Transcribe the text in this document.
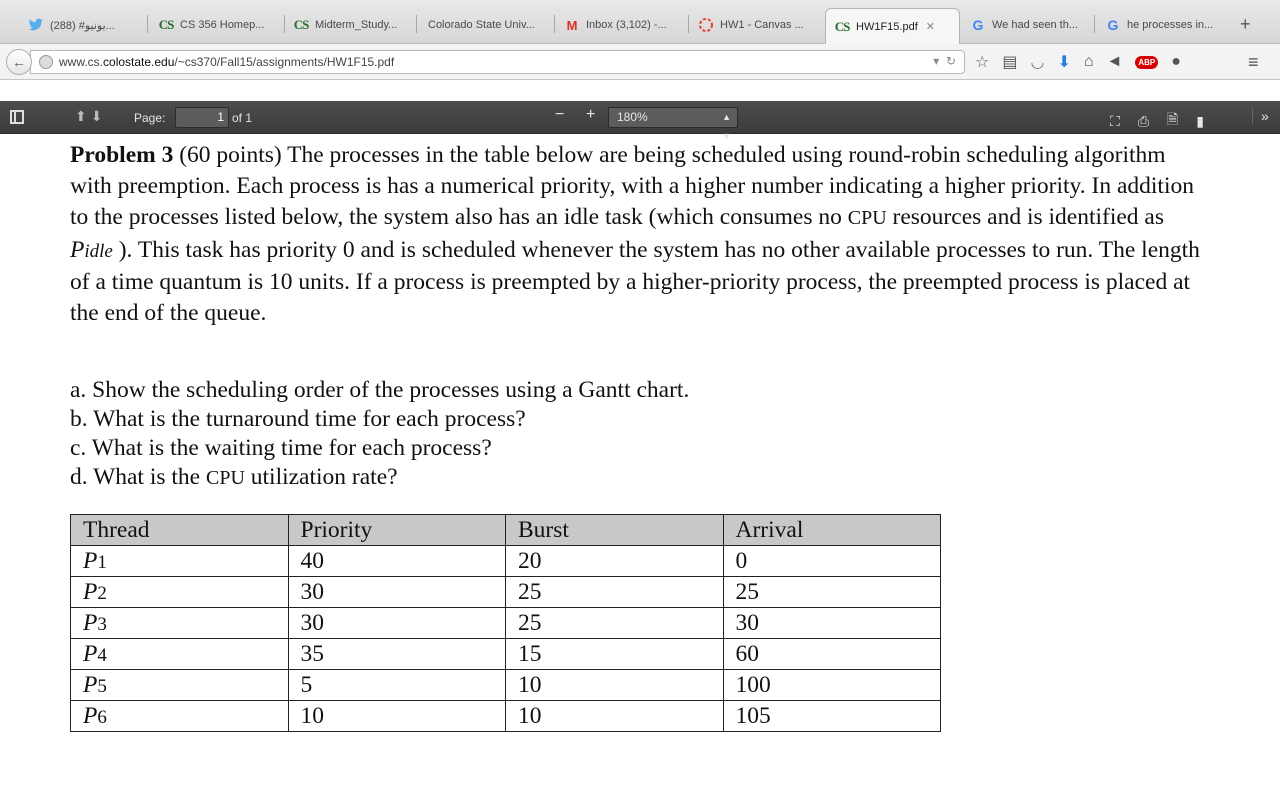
(288) #يونيو...	CS CS 356 Homep... CS Midterm_Study...	Colorado State Univ... M Inbox (3,102) -...	HW1 - Canvas ... CS HW1F15.pdf ✕	G We had seen th... G he processes in... +
www.cs. colostate.edu /~cs370/Fall15/assignments/HW1F15.pdf	▾  ↻
←	☆ ▤ ◡ ⬇ ⌂ ◄	ABP ●	≡
⬆⬇ Page:	1 of 1	− +	180%	▲
▼
⛶ ⎙ 🗎 ▮	»

Problem 3 (60 points) The processes in the table below are being scheduled using round-robin scheduling algorithm with preemption. Each process is has a numerical priority, with a higher number indicating a higher priority. In addition to the processes listed below, the system also has an idle task (which consumes no CPU resources and is identified as Pidle ). This task has priority 0 and is scheduled whenever the system has no other available processes to run. The length of a time quantum is 10 units. If a process is preempted by a higher-priority process, the preempted process is placed at the end of the queue.

a. Show the scheduling order of the processes using a Gantt chart.
b. What is the turnaround time for each process?
c. What is the waiting time for each process?
d. What is the CPU utilization rate?
Thread	Priority	Burst	Arrival
P1	40	20	0
P2	30	25	25
P3	30	25	30
P4	35	15	60
P5	5	10	100
P6	10	10	105
